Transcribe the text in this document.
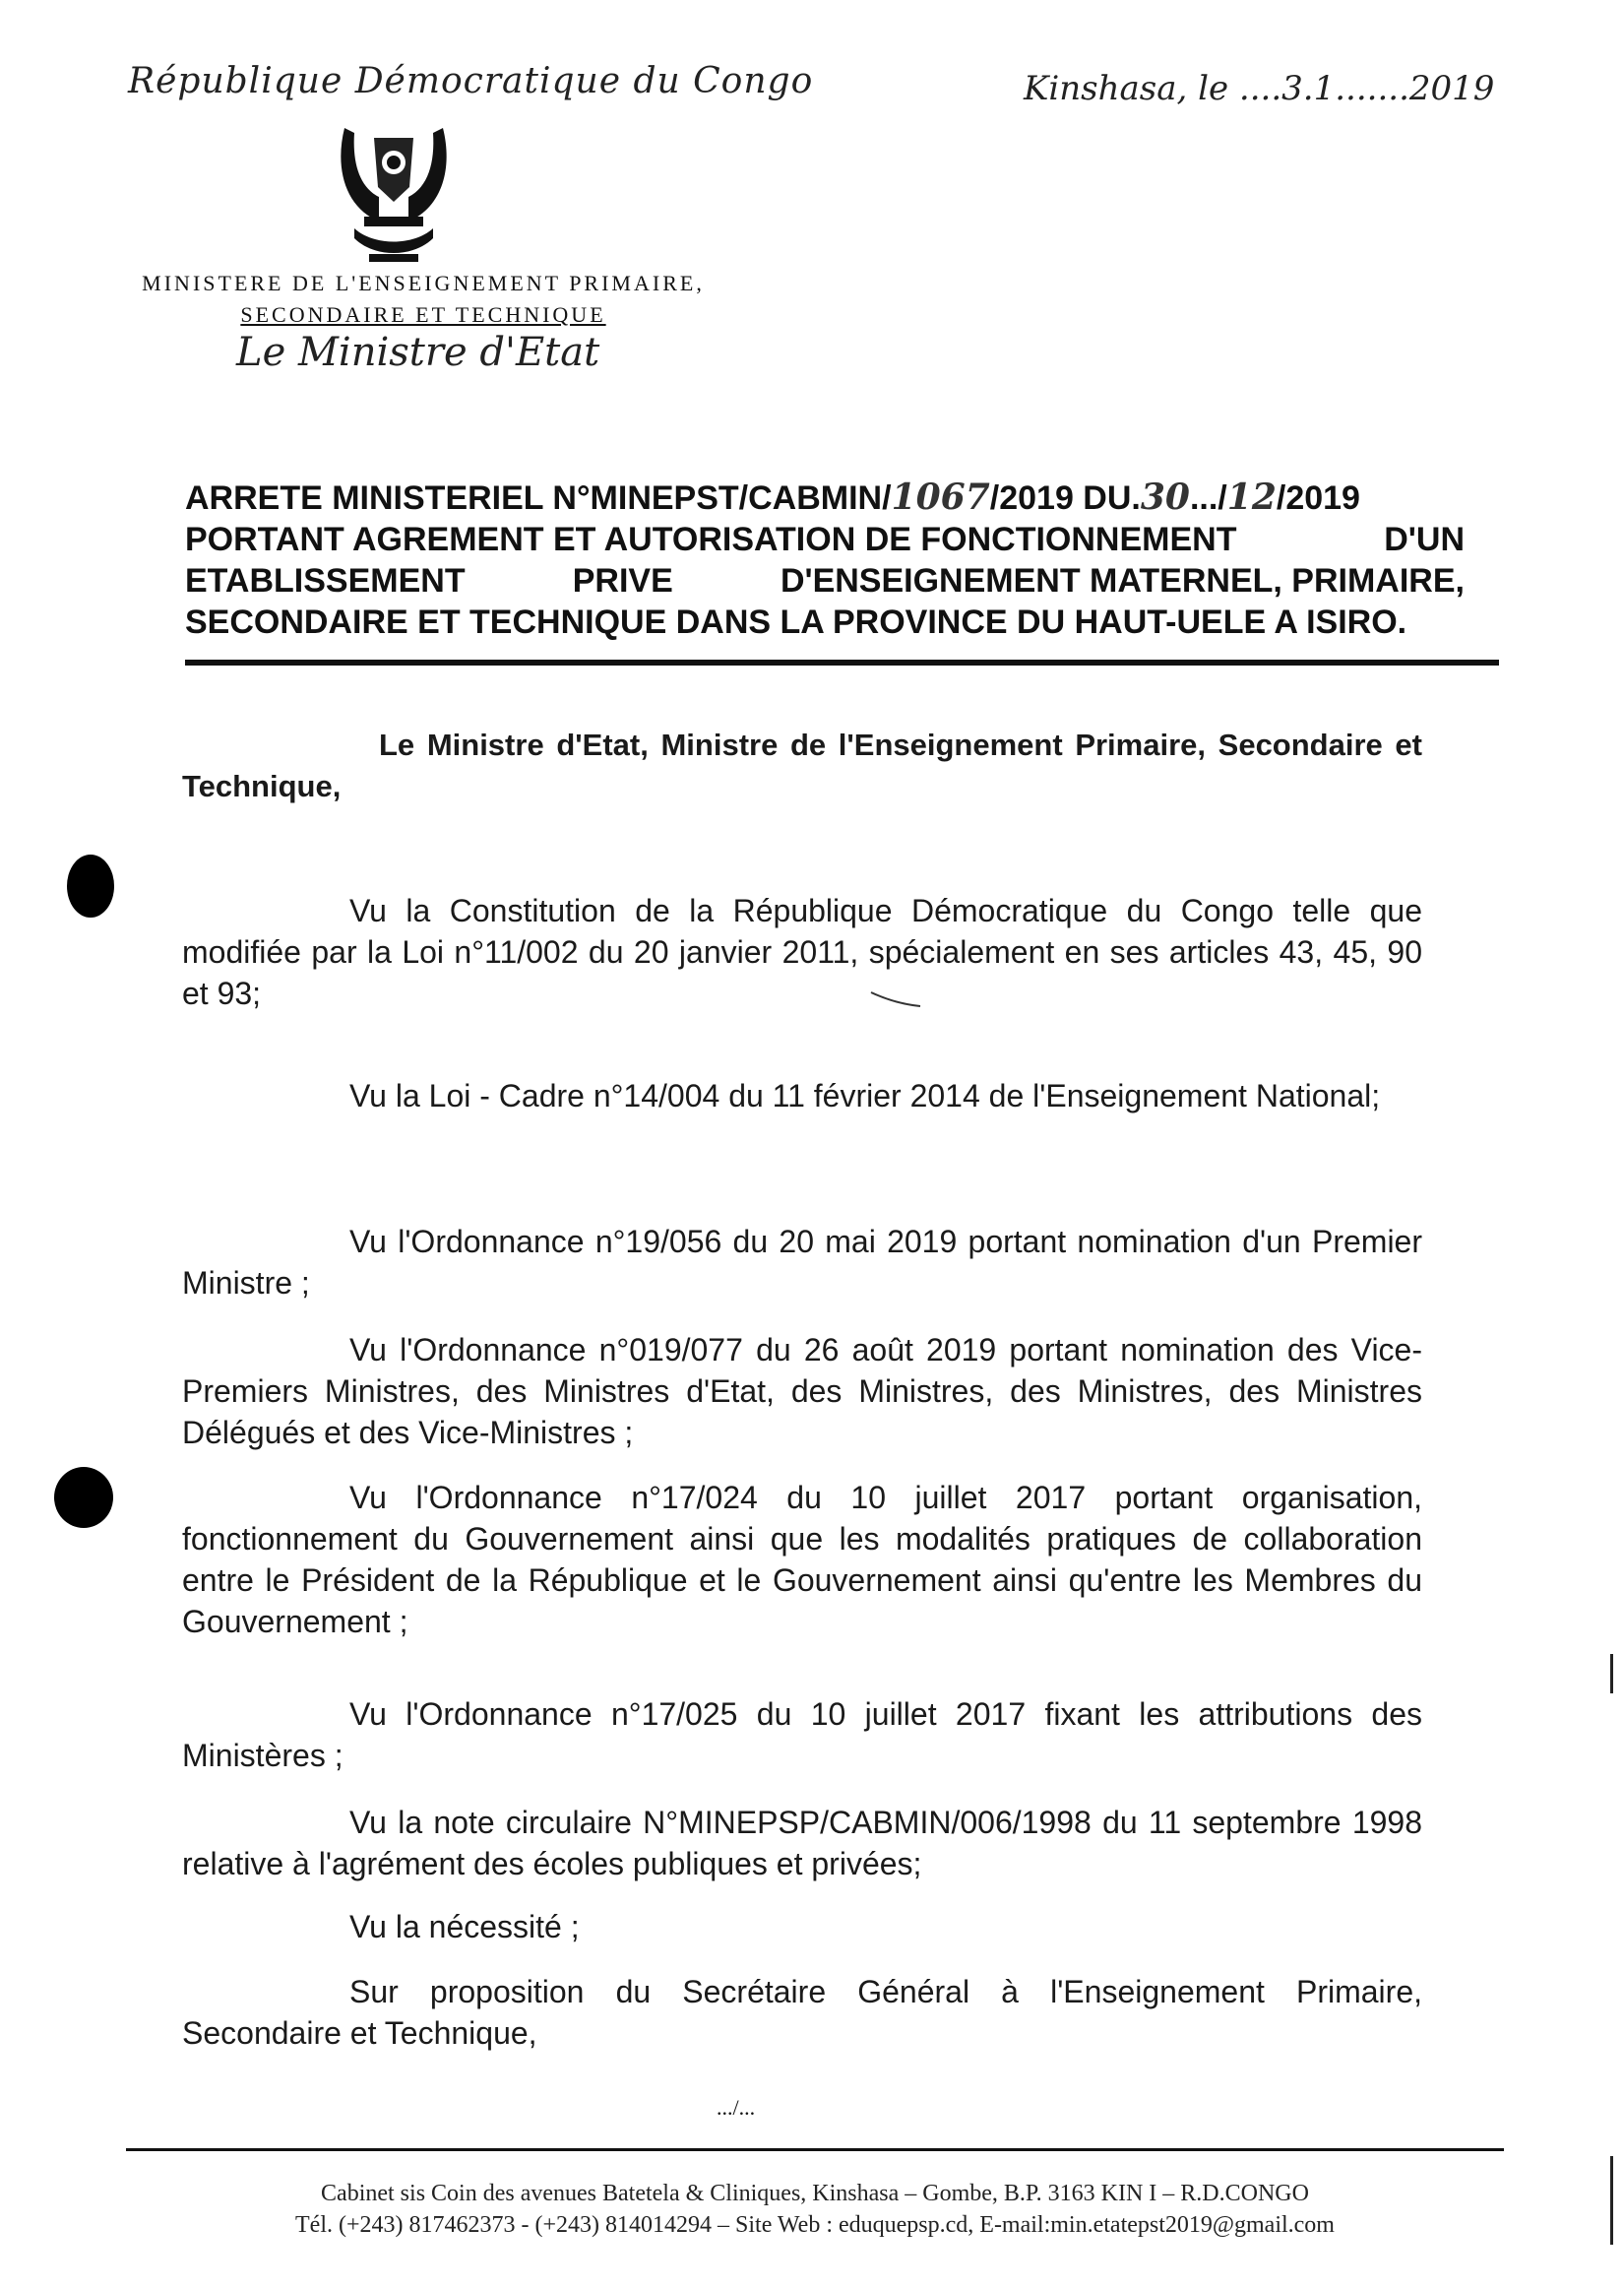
République Démocratique du Congo	Kinshasa, le ....3.1.......2019
MINISTERE DE L'ENSEIGNEMENT PRIMAIRE,
SECONDAIRE ET TECHNIQUE
Le Ministre d'Etat
ARRETE MINISTERIEL N°MINEPST/CABMIN/1067/2019 DU.30.../12/2019
PORTANT AGREMENT ET AUTORISATION DE FONCTIONNEMENT	D'UN
ETABLISSEMENT	PRIVE	D'ENSEIGNEMENT MATERNEL, PRIMAIRE,
SECONDAIRE ET TECHNIQUE DANS LA PROVINCE DU HAUT-UELE A ISIRO.
Le Ministre d'Etat, Ministre de l'Enseignement Primaire, Secondaire et Technique,
Vu la Constitution de la République Démocratique du Congo telle que modifiée par la Loi n°11/002 du 20 janvier 2011, spécialement en ses articles 43, 45, 90 et 93;
Vu la Loi - Cadre n°14/004 du 11 février 2014 de l'Enseignement National;
Vu l'Ordonnance n°19/056 du 20 mai 2019 portant nomination d'un Premier Ministre ;
Vu l'Ordonnance n°019/077 du 26 août 2019 portant nomination des Vice-Premiers Ministres, des Ministres d'Etat, des Ministres, des Ministres, des Ministres Délégués et des Vice-Ministres ;
Vu l'Ordonnance n°17/024 du 10 juillet 2017 portant organisation, fonctionnement du Gouvernement ainsi que les modalités pratiques de collaboration entre le Président de la République et le Gouvernement ainsi qu'entre les Membres du Gouvernement ;
Vu l'Ordonnance n°17/025 du 10 juillet 2017 fixant les attributions des Ministères ;
Vu la note circulaire N°MINEPSP/CABMIN/006/1998 du 11 septembre 1998 relative à l'agrément des écoles publiques et privées;
Vu la nécessité ;
Sur proposition du Secrétaire Général à l'Enseignement Primaire, Secondaire et Technique,
.../...
Cabinet sis Coin des avenues Batetela & Cliniques, Kinshasa – Gombe, B.P. 3163 KIN I – R.D.CONGO
Tél. (+243) 817462373 - (+243) 814014294 – Site Web : eduquepsp.cd, E-mail:min.etatepst2019@gmail.com
